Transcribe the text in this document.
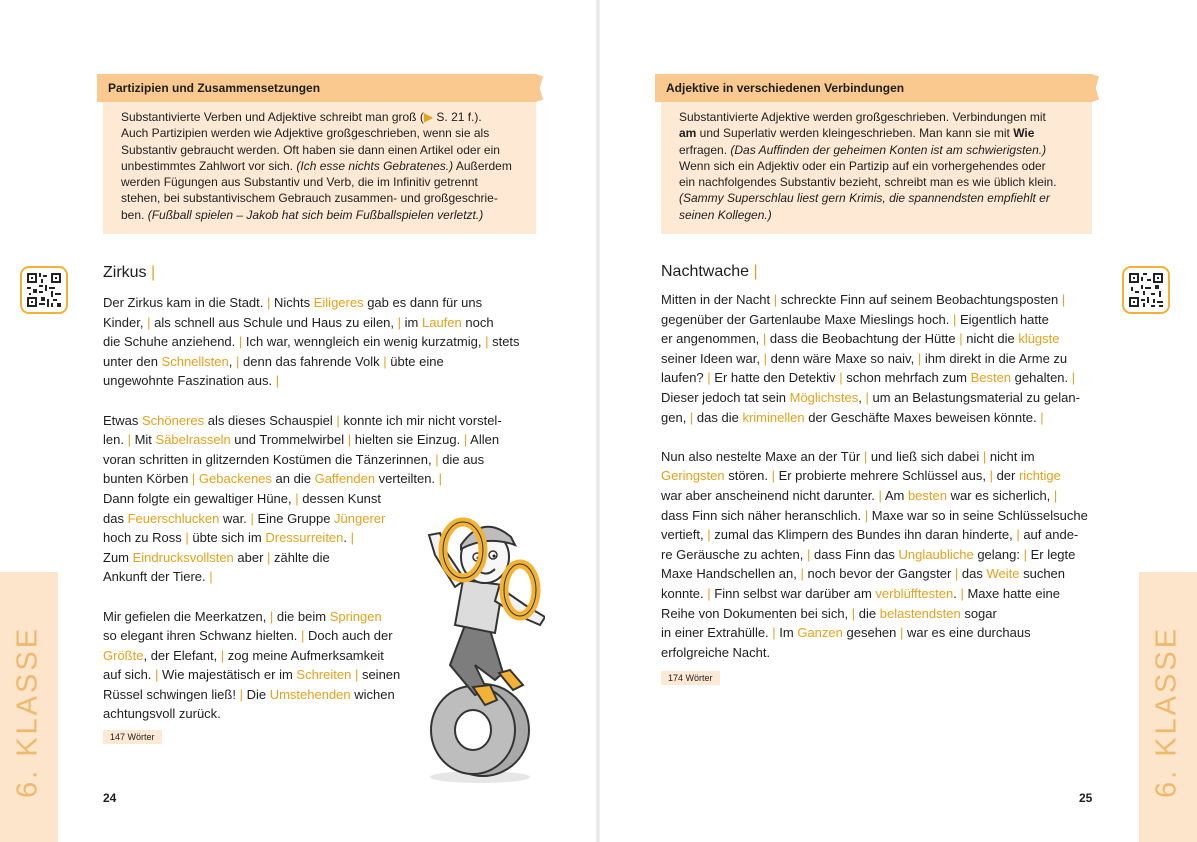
Partizipien und Zusammensetzungen
Substantivierte Verben und Adjektive schreibt man groß (▶ S. 21 f.).
Auch Partizipien werden wie Adjektive großgeschrieben, wenn sie als
Substantiv gebraucht werden. Oft haben sie dann einen Artikel oder ein
unbestimmtes Zahlwort vor sich. (Ich esse nichts Gebratenes.) Außerdem
werden Fügungen aus Substantiv und Verb, die im Infinitiv getrennt
stehen, bei substantivischem Gebrauch zusammen- und großgeschrie-
ben. (Fußball spielen – Jakob hat sich beim Fußballspielen verletzt.)
Zirkus |
Der Zirkus kam in die Stadt. | Nichts Eiligeres gab es dann für uns
Kinder, | als schnell aus Schule und Haus zu eilen, | im Laufen noch
die Schuhe anziehend. | Ich war, wenngleich ein wenig kurzatmig, | stets
unter den Schnellsten, | denn das fahrende Volk | übte eine
ungewohnte Faszination aus. |

Etwas Schöneres als dieses Schauspiel | konnte ich mir nicht vorstel-
len. | Mit Säbelrasseln und Trommelwirbel | hielten sie Einzug. | Allen
voran schritten in glitzernden Kostümen die Tänzerinnen, | die aus
bunten Körben | Gebackenes an die Gaffenden verteilten. |
Dann folgte ein gewaltiger Hüne, | dessen Kunst
das Feuerschlucken war. | Eine Gruppe Jüngerer
hoch zu Ross | übte sich im Dressurreiten. |
Zum Eindrucksvollsten aber | zählte die
Ankunft der Tiere. |

Mir gefielen die Meerkatzen, | die beim Springen
so elegant ihren Schwanz hielten. | Doch auch der
Größte, der Elefant, | zog meine Aufmerksamkeit
auf sich. | Wie majestätisch er im Schreiten | seinen
Rüssel schwingen ließ! | Die Umstehenden wichen
achtungsvoll zurück.
147 Wörter
24
6. KLASSE
Adjektive in verschiedenen Verbindungen
Substantivierte Adjektive werden großgeschrieben. Verbindungen mit
am und Superlativ werden kleingeschrieben. Man kann sie mit Wie
erfragen. (Das Auffinden der geheimen Konten ist am schwierigsten.)
Wenn sich ein Adjektiv oder ein Partizip auf ein vorhergehendes oder
ein nachfolgendes Substantiv bezieht, schreibt man es wie üblich klein.
(Sammy Superschlau liest gern Krimis, die spannendsten empfiehlt er
seinen Kollegen.)
Nachtwache |
Mitten in der Nacht | schreckte Finn auf seinem Beobachtungsposten |
gegenüber der Gartenlaube Maxe Mieslings hoch. | Eigentlich hatte
er angenommen, | dass die Beobachtung der Hütte | nicht die klügste
seiner Ideen war, | denn wäre Maxe so naiv, | ihm direkt in die Arme zu
laufen? | Er hatte den Detektiv | schon mehrfach zum Besten gehalten. |
Dieser jedoch tat sein Möglichstes, | um an Belastungsmaterial zu gelan-
gen, | das die kriminellen der Geschäfte Maxes beweisen könnte. |

Nun also nestelte Maxe an der Tür | und ließ sich dabei | nicht im
Geringsten stören. | Er probierte mehrere Schlüssel aus, | der richtige
war aber anscheinend nicht darunter. | Am besten war es sicherlich, |
dass Finn sich näher heranschlich. | Maxe war so in seine Schlüsselsuche
vertieft, | zumal das Klimpern des Bundes ihn daran hinderte, | auf ande-
re Geräusche zu achten, | dass Finn das Unglaubliche gelang: | Er legte
Maxe Handschellen an, | noch bevor der Gangster | das Weite suchen
konnte. | Finn selbst war darüber am verblüfftesten. | Maxe hatte eine
Reihe von Dokumenten bei sich, | die belastendsten sogar
in einer Extrahülle. | Im Ganzen gesehen | war es eine durchaus
erfolgreiche Nacht.
174 Wörter
25 6. KLASSE
